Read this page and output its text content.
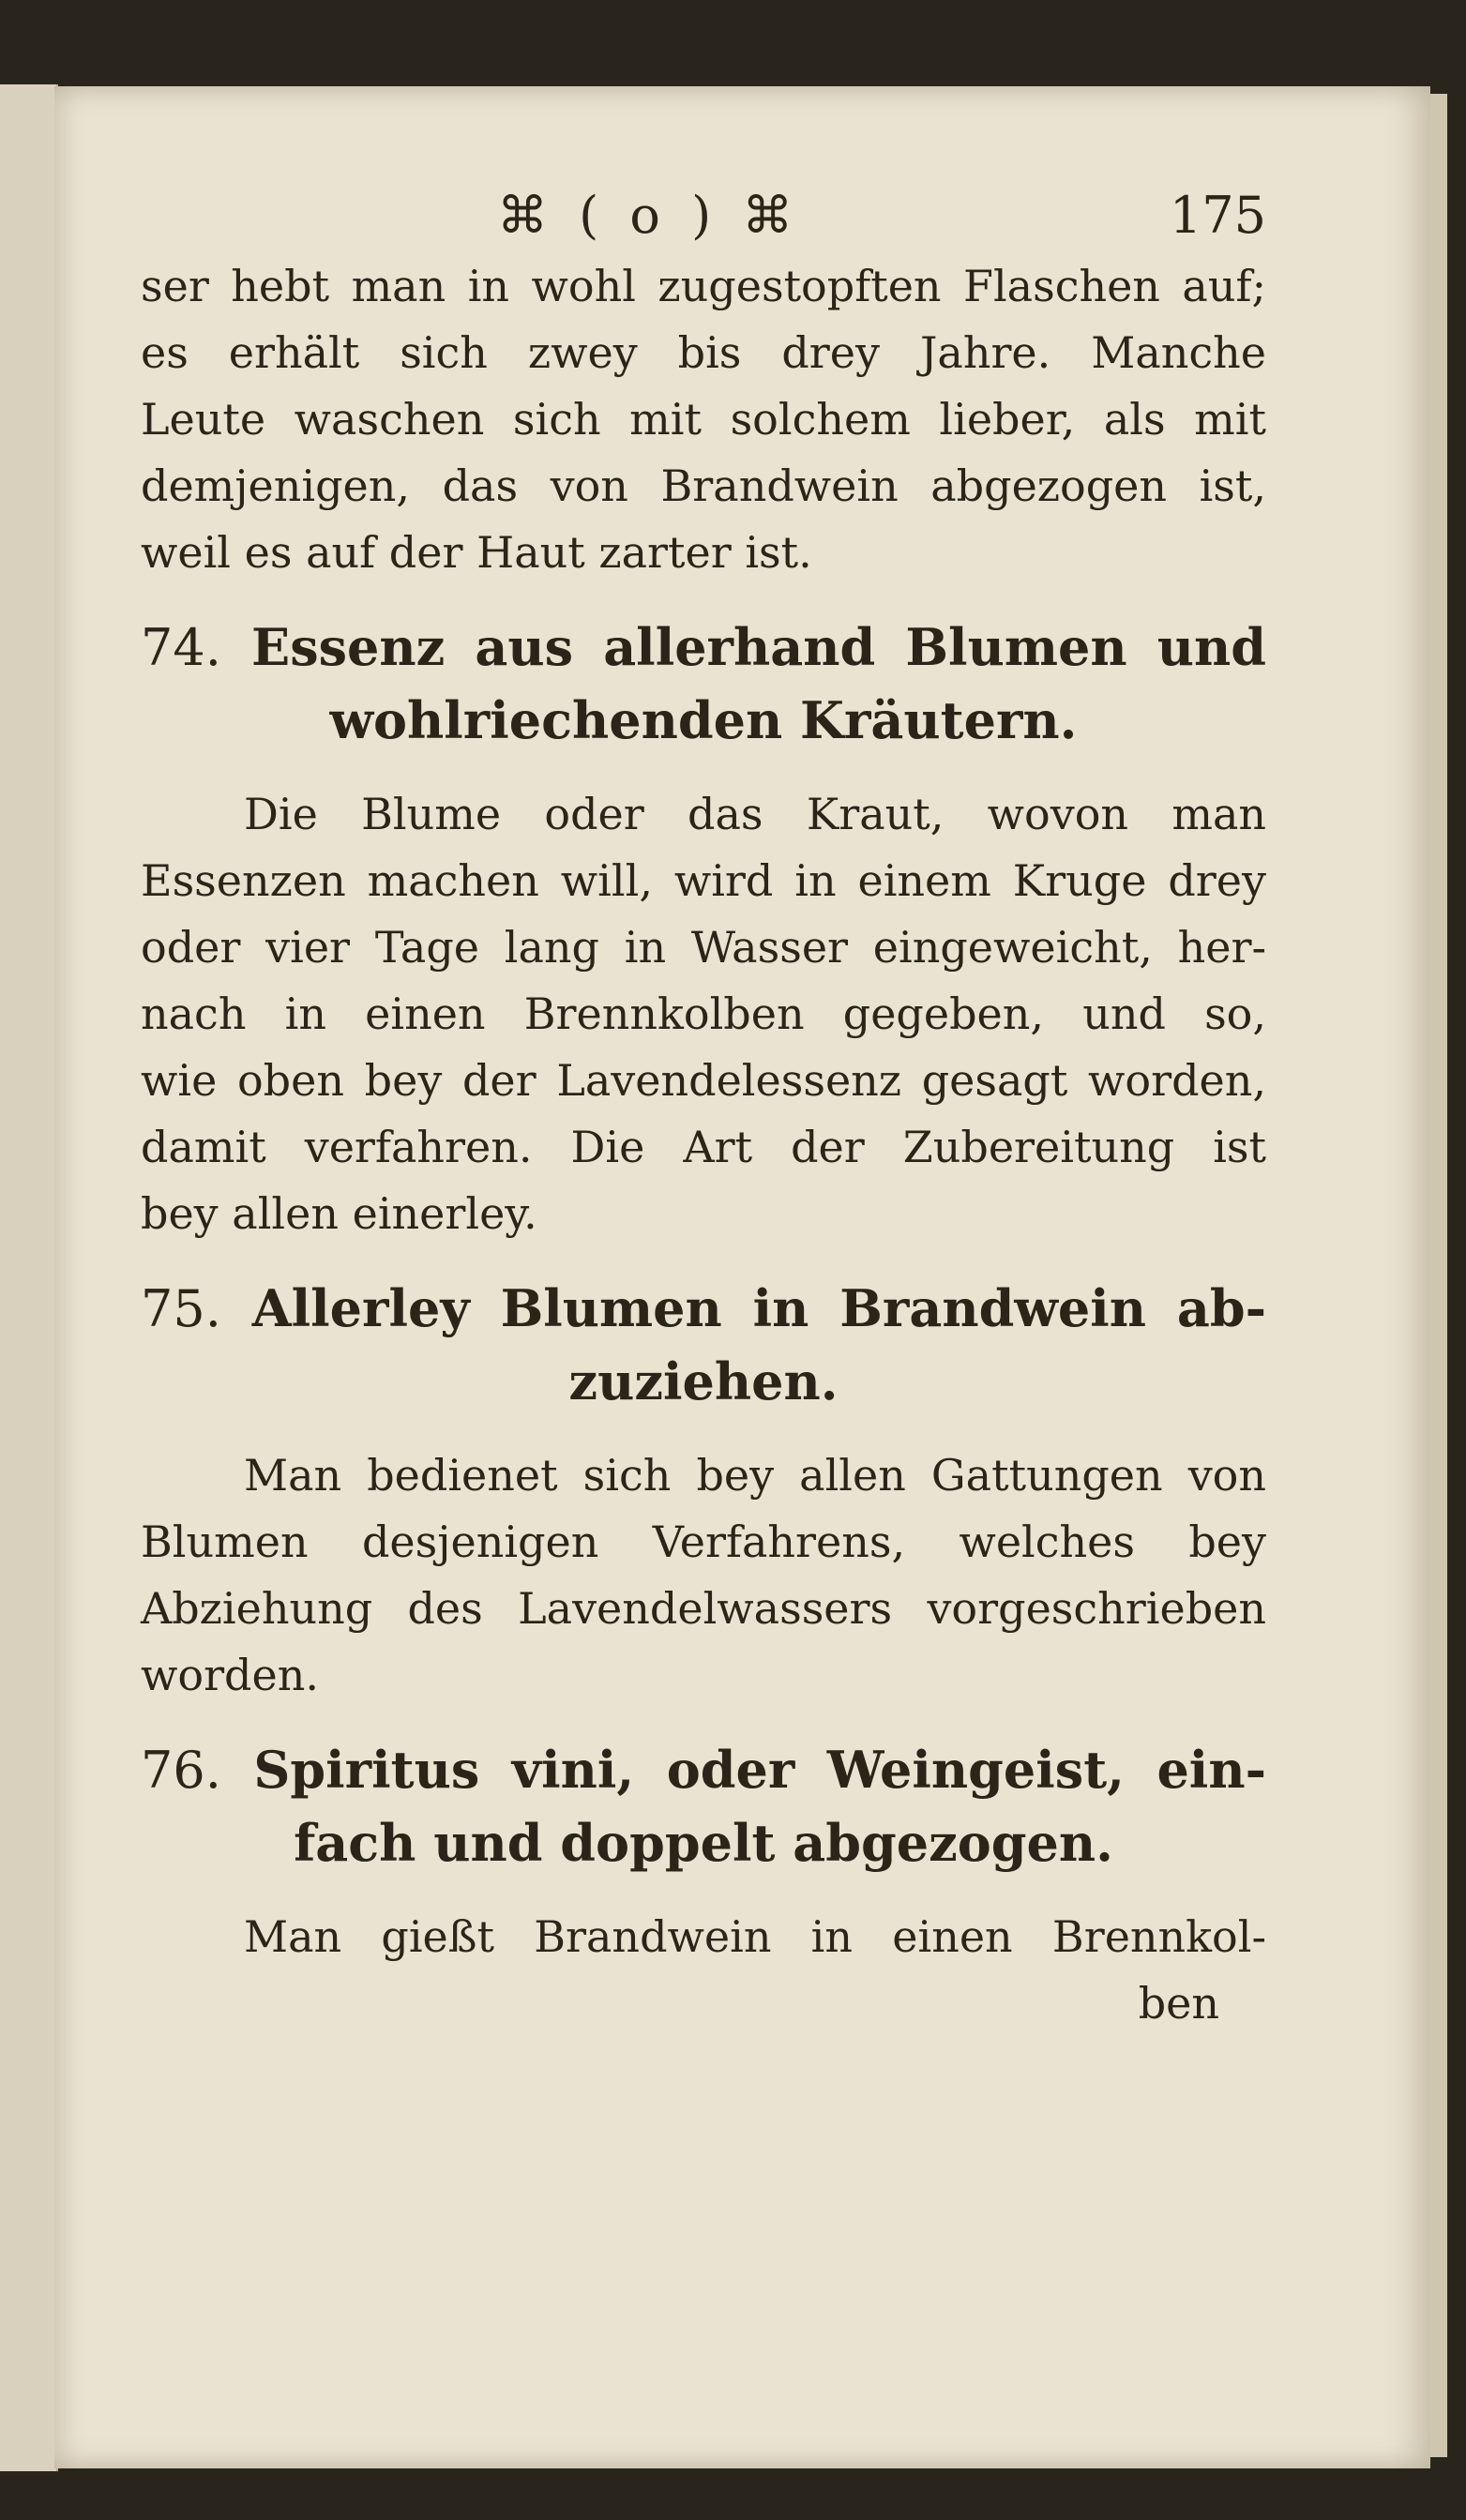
⌘ ( o ) ⌘	175
ser hebt man in wohl zugestopften Flaschen auf;
es erhält sich zwey bis drey Jahre. Manche
Leute waschen sich mit solchem lieber, als mit
demjenigen, das von Brandwein abgezogen ist,
weil es auf der Haut zarter ist.
74. Essenz aus allerhand Blumen und
wohlriechenden Kräutern.
Die Blume oder das Kraut, wovon man
Essenzen machen will, wird in einem Kruge drey
oder vier Tage lang in Wasser eingeweicht, her-
nach in einen Brennkolben gegeben, und so,
wie oben bey der Lavendelessenz gesagt worden,
damit verfahren. Die Art der Zubereitung ist
bey allen einerley.
75. Allerley Blumen in Brandwein ab-
zuziehen.
Man bedienet sich bey allen Gattungen von
Blumen desjenigen Verfahrens, welches bey
Abziehung des Lavendelwassers vorgeschrieben
worden.
76. Spiritus vini, oder Weingeist, ein-
fach und doppelt abgezogen.
Man gießt Brandwein in einen Brennkol-
ben
